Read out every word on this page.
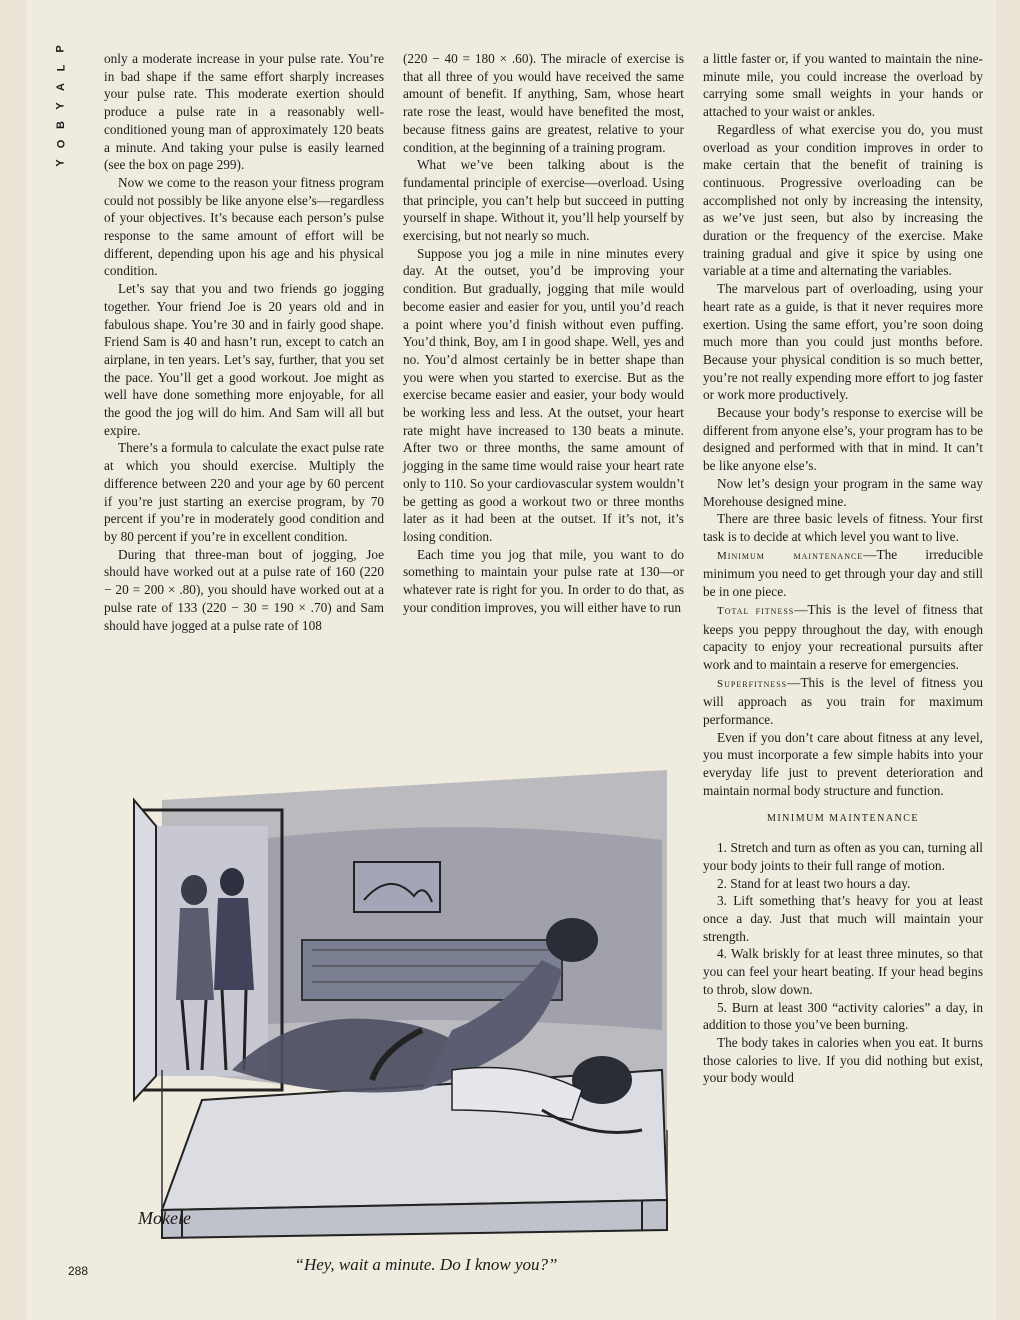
P
L
A
Y
B
O
Y

only a moderate increase in your pulse rate. You’re in bad shape if the same effort sharply increases your pulse rate. This moderate exertion should produce a pulse rate in a reasonably well-conditioned young man of approximately 120 beats a minute. And taking your pulse is easily learned (see the box on page 299).

Now we come to the reason your fitness program could not possibly be like anyone else’s—regardless of your objectives. It’s because each person’s pulse response to the same amount of effort will be different, depending upon his age and his physical condition.

Let’s say that you and two friends go jogging together. Your friend Joe is 20 years old and in fabulous shape. You’re 30 and in fairly good shape. Friend Sam is 40 and hasn’t run, except to catch an airplane, in ten years. Let’s say, further, that you set the pace. You’ll get a good workout. Joe might as well have done something more enjoyable, for all the good the jog will do him. And Sam will all but expire.

There’s a formula to calculate the exact pulse rate at which you should exercise. Multiply the difference between 220 and your age by 60 percent if you’re just starting an exercise program, by 70 percent if you’re in moderately good condition and by 80 percent if you’re in excellent condition.

During that three-man bout of jogging, Joe should have worked out at a pulse rate of 160 (220 − 20 = 200 × .80), you should have worked out at a pulse rate of 133 (220 − 30 = 190 × .70) and Sam should have jogged at a pulse rate of 108

(220 − 40 = 180 × .60). The miracle of exercise is that all three of you would have received the same amount of benefit. If anything, Sam, whose heart rate rose the least, would have benefited the most, because fitness gains are greatest, relative to your condition, at the beginning of a training program.

What we’ve been talking about is the fundamental principle of exercise—overload. Using that principle, you can’t help but succeed in putting yourself in shape. Without it, you’ll help yourself by exercising, but not nearly so much.

Suppose you jog a mile in nine minutes every day. At the outset, you’d be improving your condition. But gradually, jogging that mile would become easier and easier for you, until you’d reach a point where you’d finish without even puffing. You’d think, Boy, am I in good shape. Well, yes and no. You’d almost certainly be in better shape than you were when you started to exercise. But as the exercise became easier and easier, your body would be working less and less. At the outset, your heart rate might have increased to 130 beats a minute. After two or three months, the same amount of jogging in the same time would raise your heart rate only to 110. So your cardiovascular system wouldn’t be getting as good a workout two or three months later as it had been at the outset. If it’s not, it’s losing condition.

Each time you jog that mile, you want to do something to maintain your pulse rate at 130—or whatever rate is right for you. In order to do that, as your condition improves, you will either have to run

a little faster or, if you wanted to maintain the nine-minute mile, you could increase the overload by carrying some small weights in your hands or attached to your waist or ankles.

Regardless of what exercise you do, you must overload as your condition improves in order to make certain that the benefit of training is continuous. Progressive overloading can be accomplished not only by increasing the intensity, as we’ve just seen, but also by increasing the duration or the frequency of the exercise. Make training gradual and give it spice by using one variable at a time and alternating the variables.

The marvelous part of overloading, using your heart rate as a guide, is that it never requires more exertion. Using the same effort, you’re soon doing much more than you could just months before. Because your physical condition is so much better, you’re not really expending more effort to jog faster or work more productively.

Because your body’s response to exercise will be different from anyone else’s, your program has to be designed and performed with that in mind. It can’t be like anyone else’s.

Now let’s design your program in the same way Morehouse designed mine.

There are three basic levels of fitness. Your first task is to decide at which level you want to live.

Minimum maintenance—The irreducible minimum you need to get through your day and still be in one piece.

Total fitness—This is the level of fitness that keeps you peppy throughout the day, with enough capacity to enjoy your recreational pursuits after work and to maintain a reserve for emergencies.

Superfitness—This is the level of fitness you will approach as you train for maximum performance.

Even if you don’t care about fitness at any level, you must incorporate a few simple habits into your everyday life just to prevent deterioration and maintain normal body structure and function.

MINIMUM MAINTENANCE

1. Stretch and turn as often as you can, turning all your body joints to their full range of motion.

2. Stand for at least two hours a day.

3. Lift something that’s heavy for you at least once a day. Just that much will maintain your strength.

4. Walk briskly for at least three minutes, so that you can feel your heart beating. If your head begins to throb, slow down.

5. Burn at least 300 “activity calories” a day, in addition to those you’ve been burning.

The body takes in calories when you eat. It burns those calories to live. If you did nothing but exist, your body would

Mokele
“Hey, wait a minute. Do I know you?”
288
